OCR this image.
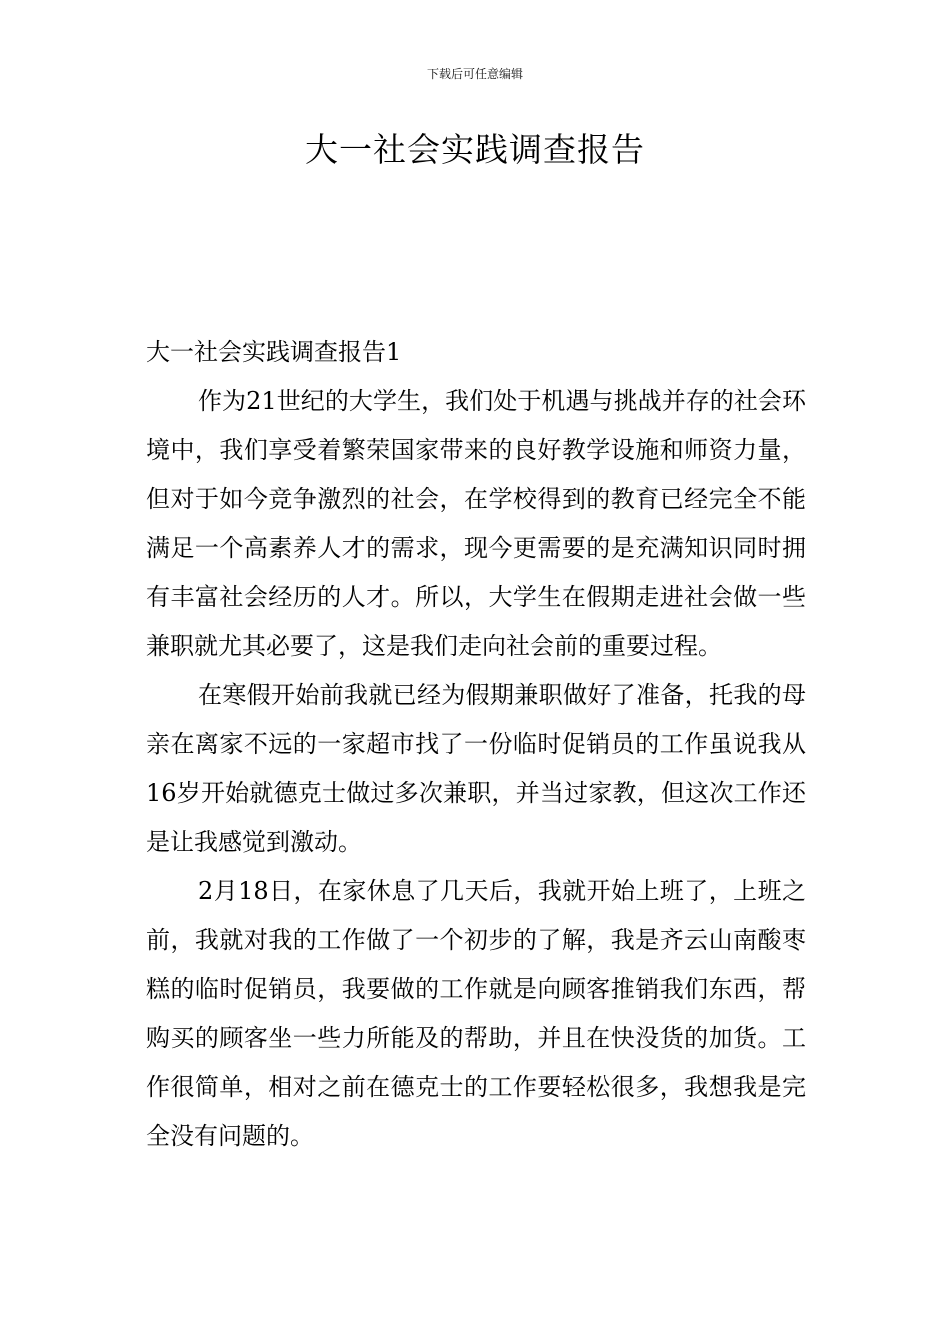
下载后可任意编辑
大一社会实践调查报告

大一社会实践调查报告1

作为21世纪的大学生，我们处于机遇与挑战并存的社会环境中，我们享受着繁荣国家带来的良好教学设施和师资力量，但对于如今竞争激烈的社会，在学校得到的教育已经完全不能满足一个高素养人才的需求，现今更需要的是充满知识同时拥有丰富社会经历的人才。所以，大学生在假期走进社会做一些兼职就尤其必要了，这是我们走向社会前的重要过程。

在寒假开始前我就已经为假期兼职做好了准备，托我的母亲在离家不远的一家超市找了一份临时促销员的工作虽说我从16岁开始就德克士做过多次兼职，并当过家教，但这次工作还是让我感觉到激动。

2月18日，在家休息了几天后，我就开始上班了，上班之前，我就对我的工作做了一个初步的了解，我是齐云山南酸枣糕的临时促销员，我要做的工作就是向顾客推销我们东西，帮购买的顾客坐一些力所能及的帮助，并且在快没货的加货。工作很简单，相对之前在德克士的工作要轻松很多，我想我是完全没有问题的。
